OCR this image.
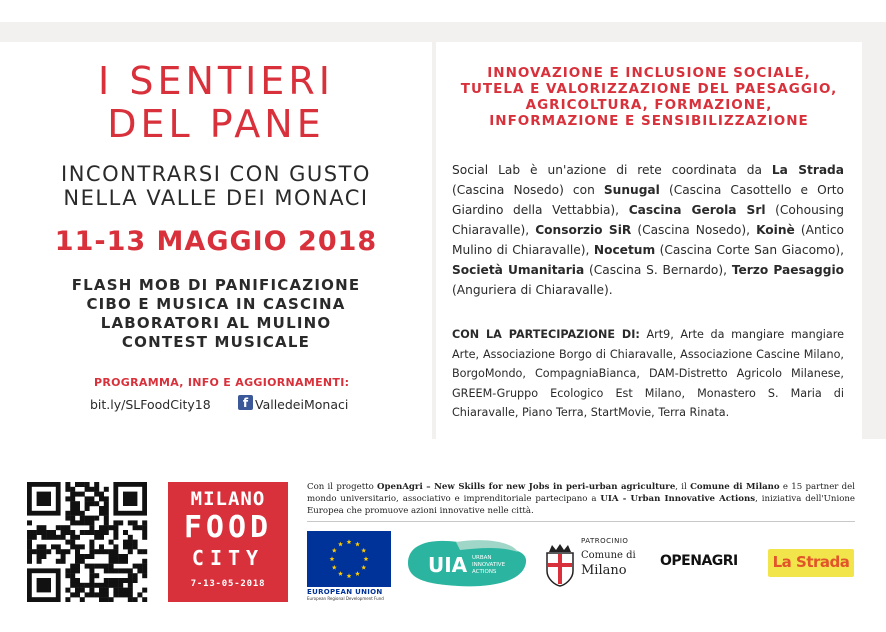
I SENTIERI
DEL PANE
INCONTRARSI CON GUSTO
NELLA VALLE DEI MONACI
11-13 MAGGIO 2018
FLASH MOB DI PANIFICAZIONE
CIBO E MUSICA IN CASCINA
LABORATORI AL MULINO
CONTEST MUSICALE
PROGRAMMA, INFO E AGGIORNAMENTI:
bit.ly/SLFoodCity18	f ValledeiMonaci
INNOVAZIONE E INCLUSIONE SOCIALE,
TUTELA E VALORIZZAZIONE DEL PAESAGGIO,
AGRICOLTURA, FORMAZIONE,
INFORMAZIONE E SENSIBILIZZAZIONE
Social Lab è un'azione di rete coordinata da La Strada (Cascina Nosedo) con Sunugal (Cascina Casottello e Orto Giardino della Vettabbia), Cascina Gerola Srl (Cohousing Chiaravalle), Consorzio SiR (Cascina Nosedo), Koinè (Antico Mulino di Chiaravalle), Nocetum (Cascina Corte San Giacomo), Società Umanitaria (Cascina S. Bernardo), Terzo Paesaggio (Anguriera di Chiaravalle).
CON LA PARTECIPAZIONE DI: Art9, Arte da mangiare mangiare Arte, Associazione Borgo di Chiaravalle, Associazione Cascine Milano, BorgoMondo, CompagniaBianca, DAM-Distretto Agricolo Milanese, GREEM-Gruppo Ecologico Est Milano, Monastero S. Maria di Chiaravalle, Piano Terra, StartMovie, Terra Rinata.
MILANO
FOOD
CITY
7-13-05-2018
Con il progetto OpenAgri – New Skills for new Jobs in peri-urban agriculture, il Comune di Milano e 15 partner del mondo universitario, associativo e imprenditoriale partecipano a UIA - Urban Innovative Actions, iniziativa dell'Unione Europea che promuove azioni innovative nelle città.
EUROPEAN UNION
European Regional Development Fund
UIA URBAN
INNOVATIVE
ACTIONS
PATROCINIO
Comune di
Milano
OPENAGRI	La Strada
